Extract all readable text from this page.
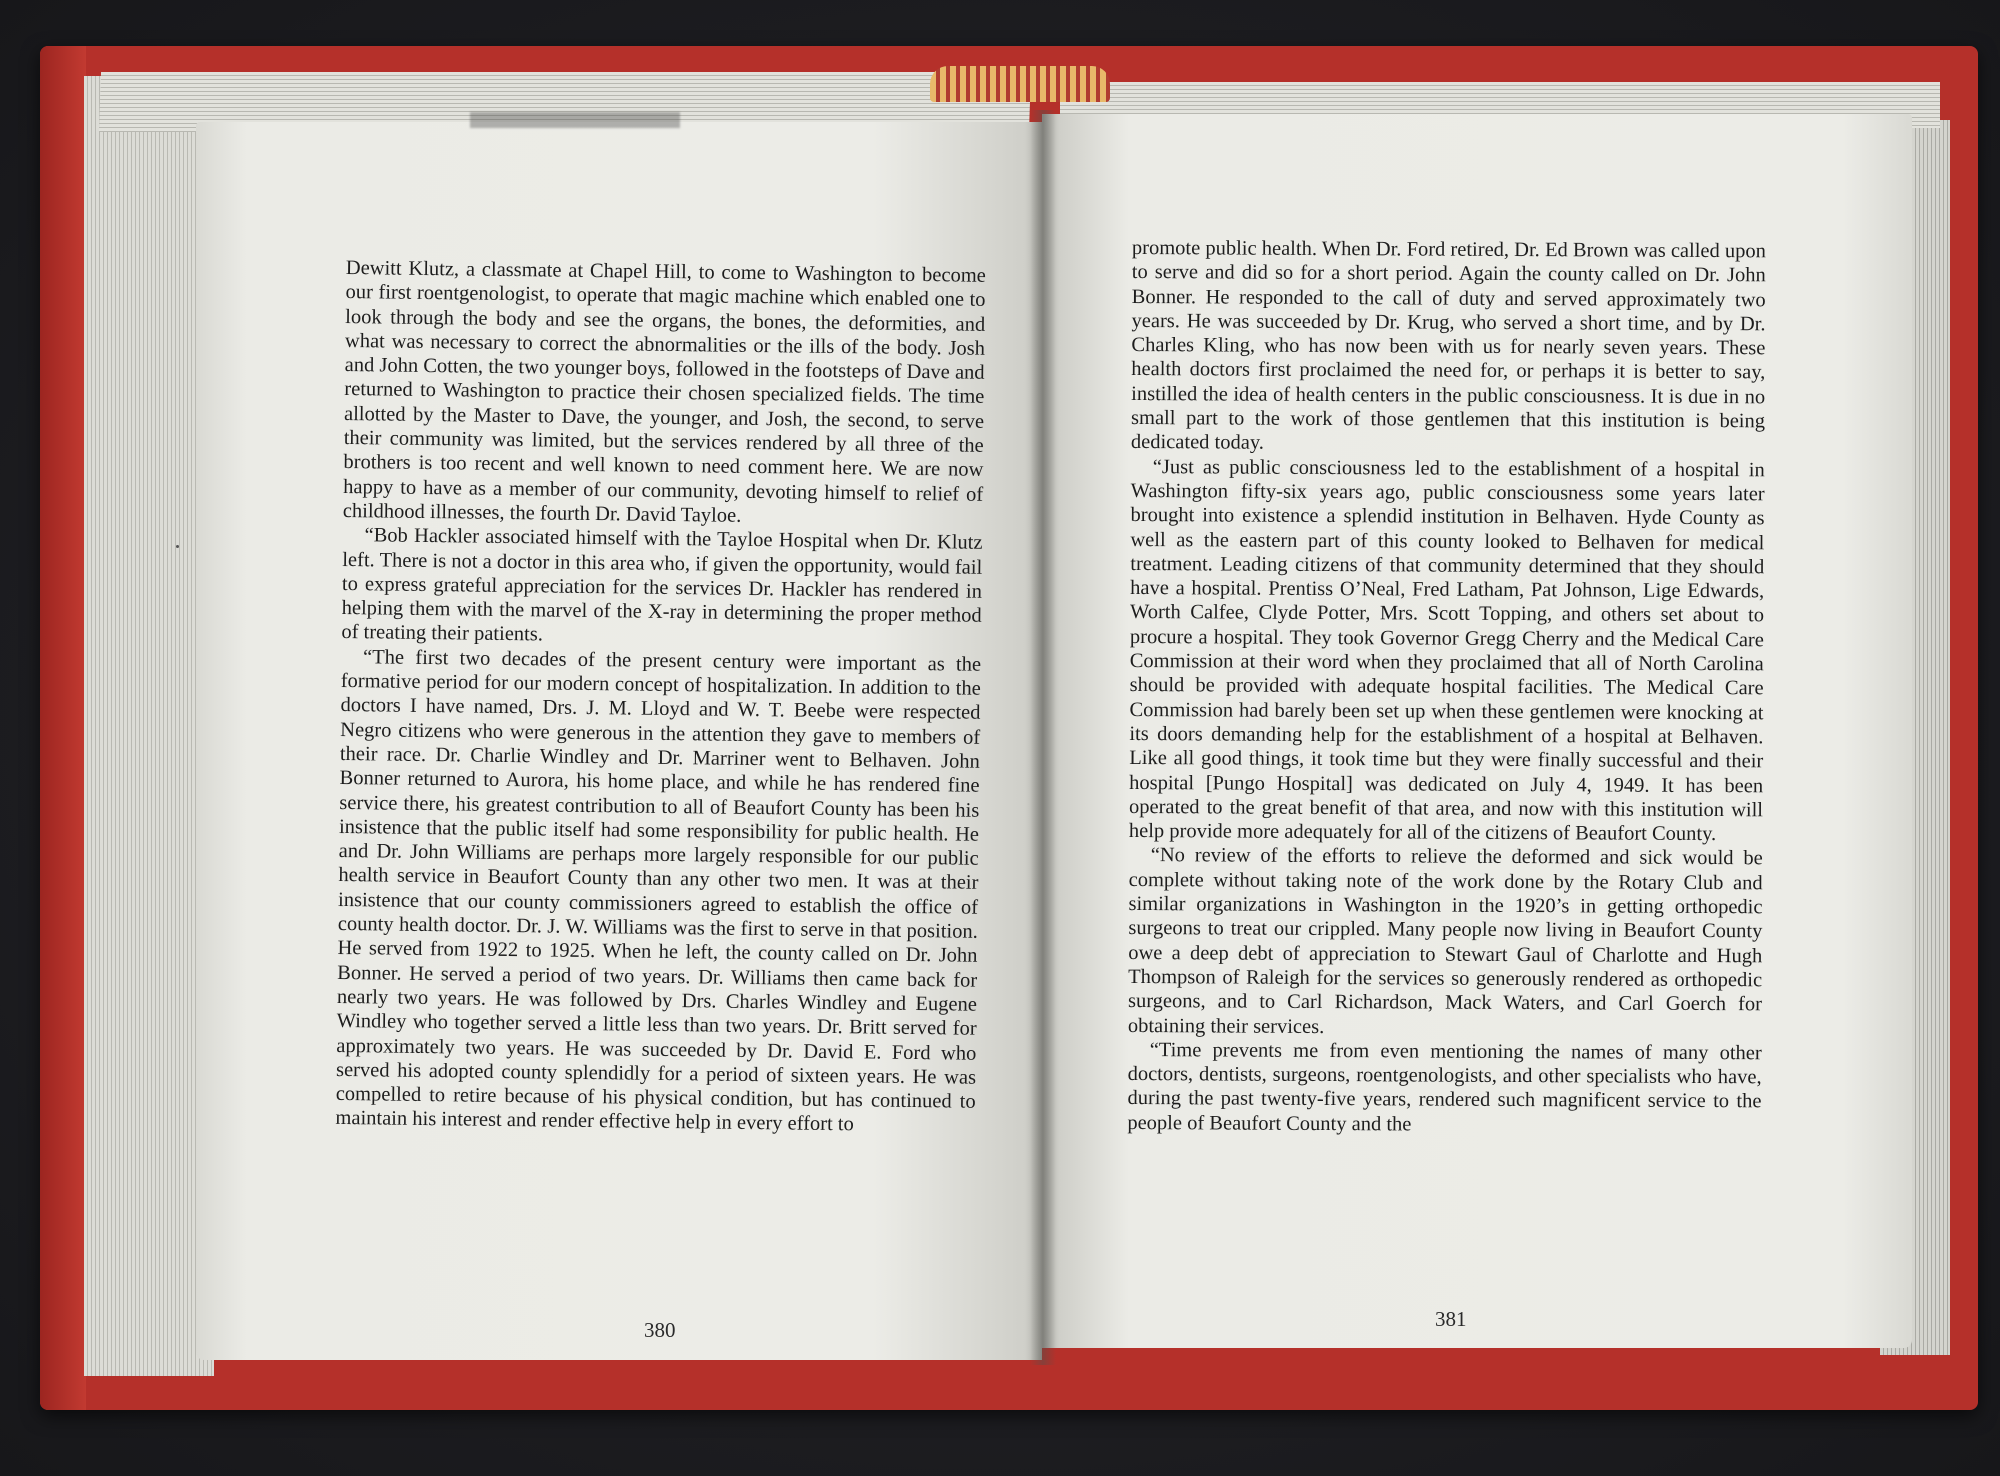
Dewitt Klutz, a classmate at Chapel Hill, to come to Washington to become our first roentgenologist, to operate that magic machine which enabled one to look through the body and see the organs, the bones, the deformities, and what was necessary to correct the abnormalities or the ills of the body. Josh and John Cotten, the two younger boys, followed in the footsteps of Dave and returned to Washington to practice their chosen specialized fields. The time allotted by the Master to Dave, the younger, and Josh, the second, to serve their community was limited, but the services rendered by all three of the brothers is too recent and well known to need comment here. We are now happy to have as a member of our community, devoting himself to relief of childhood illnesses, the fourth Dr. David Tayloe.

“Bob Hackler associated himself with the Tayloe Hospital when Dr. Klutz left. There is not a doctor in this area who, if given the opportunity, would fail to express grateful appreciation for the services Dr. Hackler has rendered in helping them with the marvel of the X-ray in determining the proper method of treating their patients.

“The first two decades of the present century were important as the formative period for our modern concept of hospitalization. In addition to the doctors I have named, Drs. J. M. Lloyd and W. T. Beebe were respected Negro citizens who were generous in the attention they gave to members of their race. Dr. Charlie Windley and Dr. Marriner went to Belhaven. John Bonner returned to Aurora, his home place, and while he has rendered fine service there, his greatest contribution to all of Beaufort County has been his insistence that the public itself had some responsibility for public health. He and Dr. John Williams are perhaps more largely responsible for our public health service in Beaufort County than any other two men. It was at their insistence that our county commissioners agreed to establish the office of county health doctor. Dr. J. W. Williams was the first to serve in that position. He served from 1922 to 1925. When he left, the county called on Dr. John Bonner. He served a period of two years. Dr. Williams then came back for nearly two years. He was followed by Drs. Charles Windley and Eugene Windley who together served a little less than two years. Dr. Britt served for approximately two years. He was succeeded by Dr. David E. Ford who served his adopted county splendidly for a period of sixteen years. He was compelled to retire because of his physical condition, but has continued to maintain his interest and render effective help in every effort to

380

promote public health. When Dr. Ford retired, Dr. Ed Brown was called upon to serve and did so for a short period. Again the county called on Dr. John Bonner. He responded to the call of duty and served approximately two years. He was succeeded by Dr. Krug, who served a short time, and by Dr. Charles Kling, who has now been with us for nearly seven years. These health doctors first proclaimed the need for, or perhaps it is better to say, instilled the idea of health centers in the public consciousness. It is due in no small part to the work of those gentlemen that this institution is being dedicated today.

“Just as public consciousness led to the establishment of a hospital in Washington fifty-six years ago, public consciousness some years later brought into existence a splendid institution in Belhaven. Hyde County as well as the eastern part of this county looked to Belhaven for medical treatment. Leading citizens of that community determined that they should have a hospital. Prentiss O’Neal, Fred Latham, Pat Johnson, Lige Edwards, Worth Calfee, Clyde Potter, Mrs. Scott Topping, and others set about to procure a hospital. They took Governor Gregg Cherry and the Medical Care Commission at their word when they proclaimed that all of North Carolina should be provided with adequate hospital facilities. The Medical Care Commission had barely been set up when these gentlemen were knocking at its doors demanding help for the establishment of a hospital at Belhaven. Like all good things, it took time but they were finally successful and their hospital [Pungo Hospital] was dedicated on July 4, 1949. It has been operated to the great benefit of that area, and now with this institution will help provide more adequately for all of the citizens of Beaufort County.

“No review of the efforts to relieve the deformed and sick would be complete without taking note of the work done by the Rotary Club and similar organizations in Washington in the 1920’s in getting orthopedic surgeons to treat our crippled. Many people now living in Beaufort County owe a deep debt of appreciation to Stewart Gaul of Charlotte and Hugh Thompson of Raleigh for the services so generously rendered as orthopedic surgeons, and to Carl Richardson, Mack Waters, and Carl Goerch for obtaining their services.

“Time prevents me from even mentioning the names of many other doctors, dentists, surgeons, roentgenologists, and other specialists who have, during the past twenty-five years, rendered such magnificent service to the people of Beaufort County and the

381
